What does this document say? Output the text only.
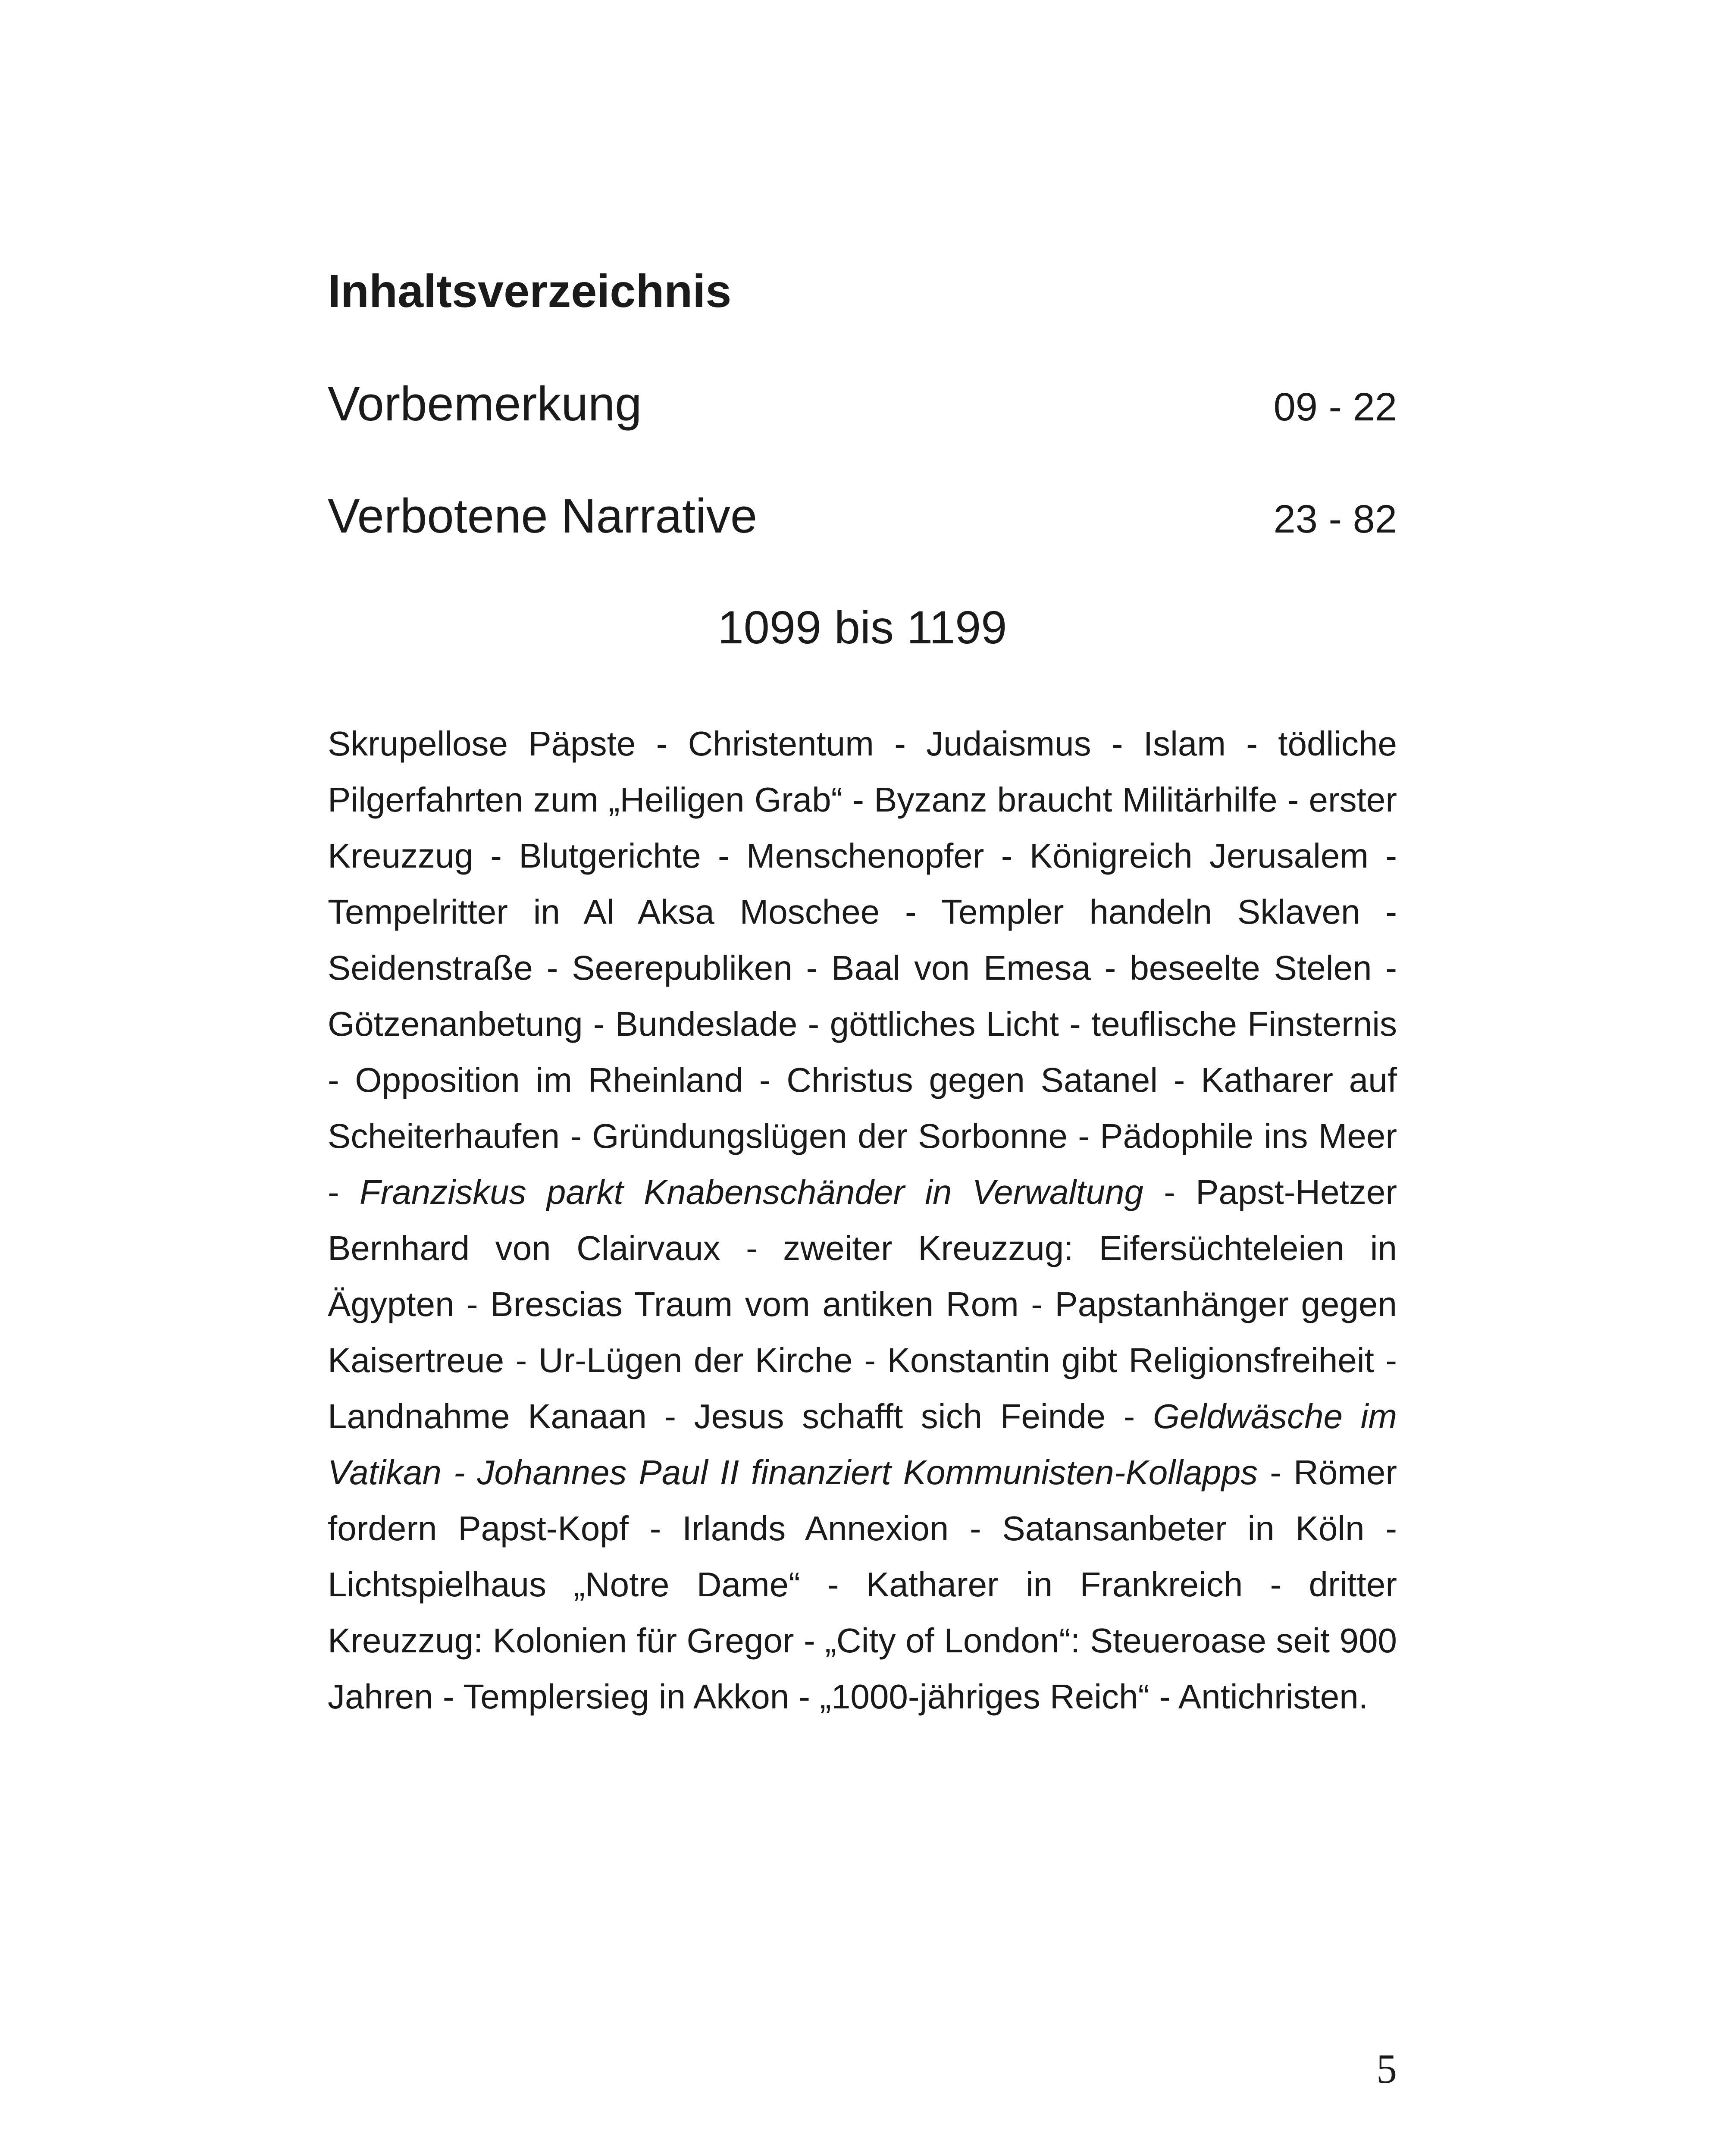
Inhaltsverzeichnis
Vorbemerkung	09 - 22
Verbotene Narrative	23 - 82
1099 bis 1199

Skrupellose Päpste - Christentum - Judaismus - Islam - tödliche Pilgerfahrten zum „Heiligen Grab“ - Byzanz braucht Militärhilfe - erster Kreuzzug - Blutgerichte - Menschenopfer - Königreich Jerusalem - Tempelritter in Al Aksa Moschee - Templer handeln Sklaven - Seidenstraße - Seerepubliken - Baal von Emesa - beseelte Stelen - Götzenanbetung - Bundeslade - göttliches Licht - teuflische Finsternis - Opposition im Rheinland - Christus gegen Satanel - Katharer auf Scheiterhaufen - Gründungslügen der Sorbonne - Pädophile ins Meer - Franziskus parkt Knabenschänder in Verwaltung - Papst-Hetzer Bernhard von Clairvaux - zweiter Kreuzzug: Eifersüchteleien in Ägypten - Brescias Traum vom antiken Rom - Papstanhänger gegen Kaisertreue - Ur-Lügen der Kirche - Konstantin gibt Religionsfreiheit - Landnahme Kanaan - Jesus schafft sich Feinde - Geldwäsche im Vatikan - Johannes Paul II finanziert Kommunisten-Kollapps - Römer fordern Papst-Kopf - Irlands Annexion - Satansanbeter in Köln - Lichtspielhaus „Notre Dame“ - Katharer in Frankreich - dritter Kreuzzug: Kolonien für Gregor - „City of London“: Steueroase seit 900 Jahren - Templersieg in Akkon - „1000-jähriges Reich“ - Antichristen.

5
